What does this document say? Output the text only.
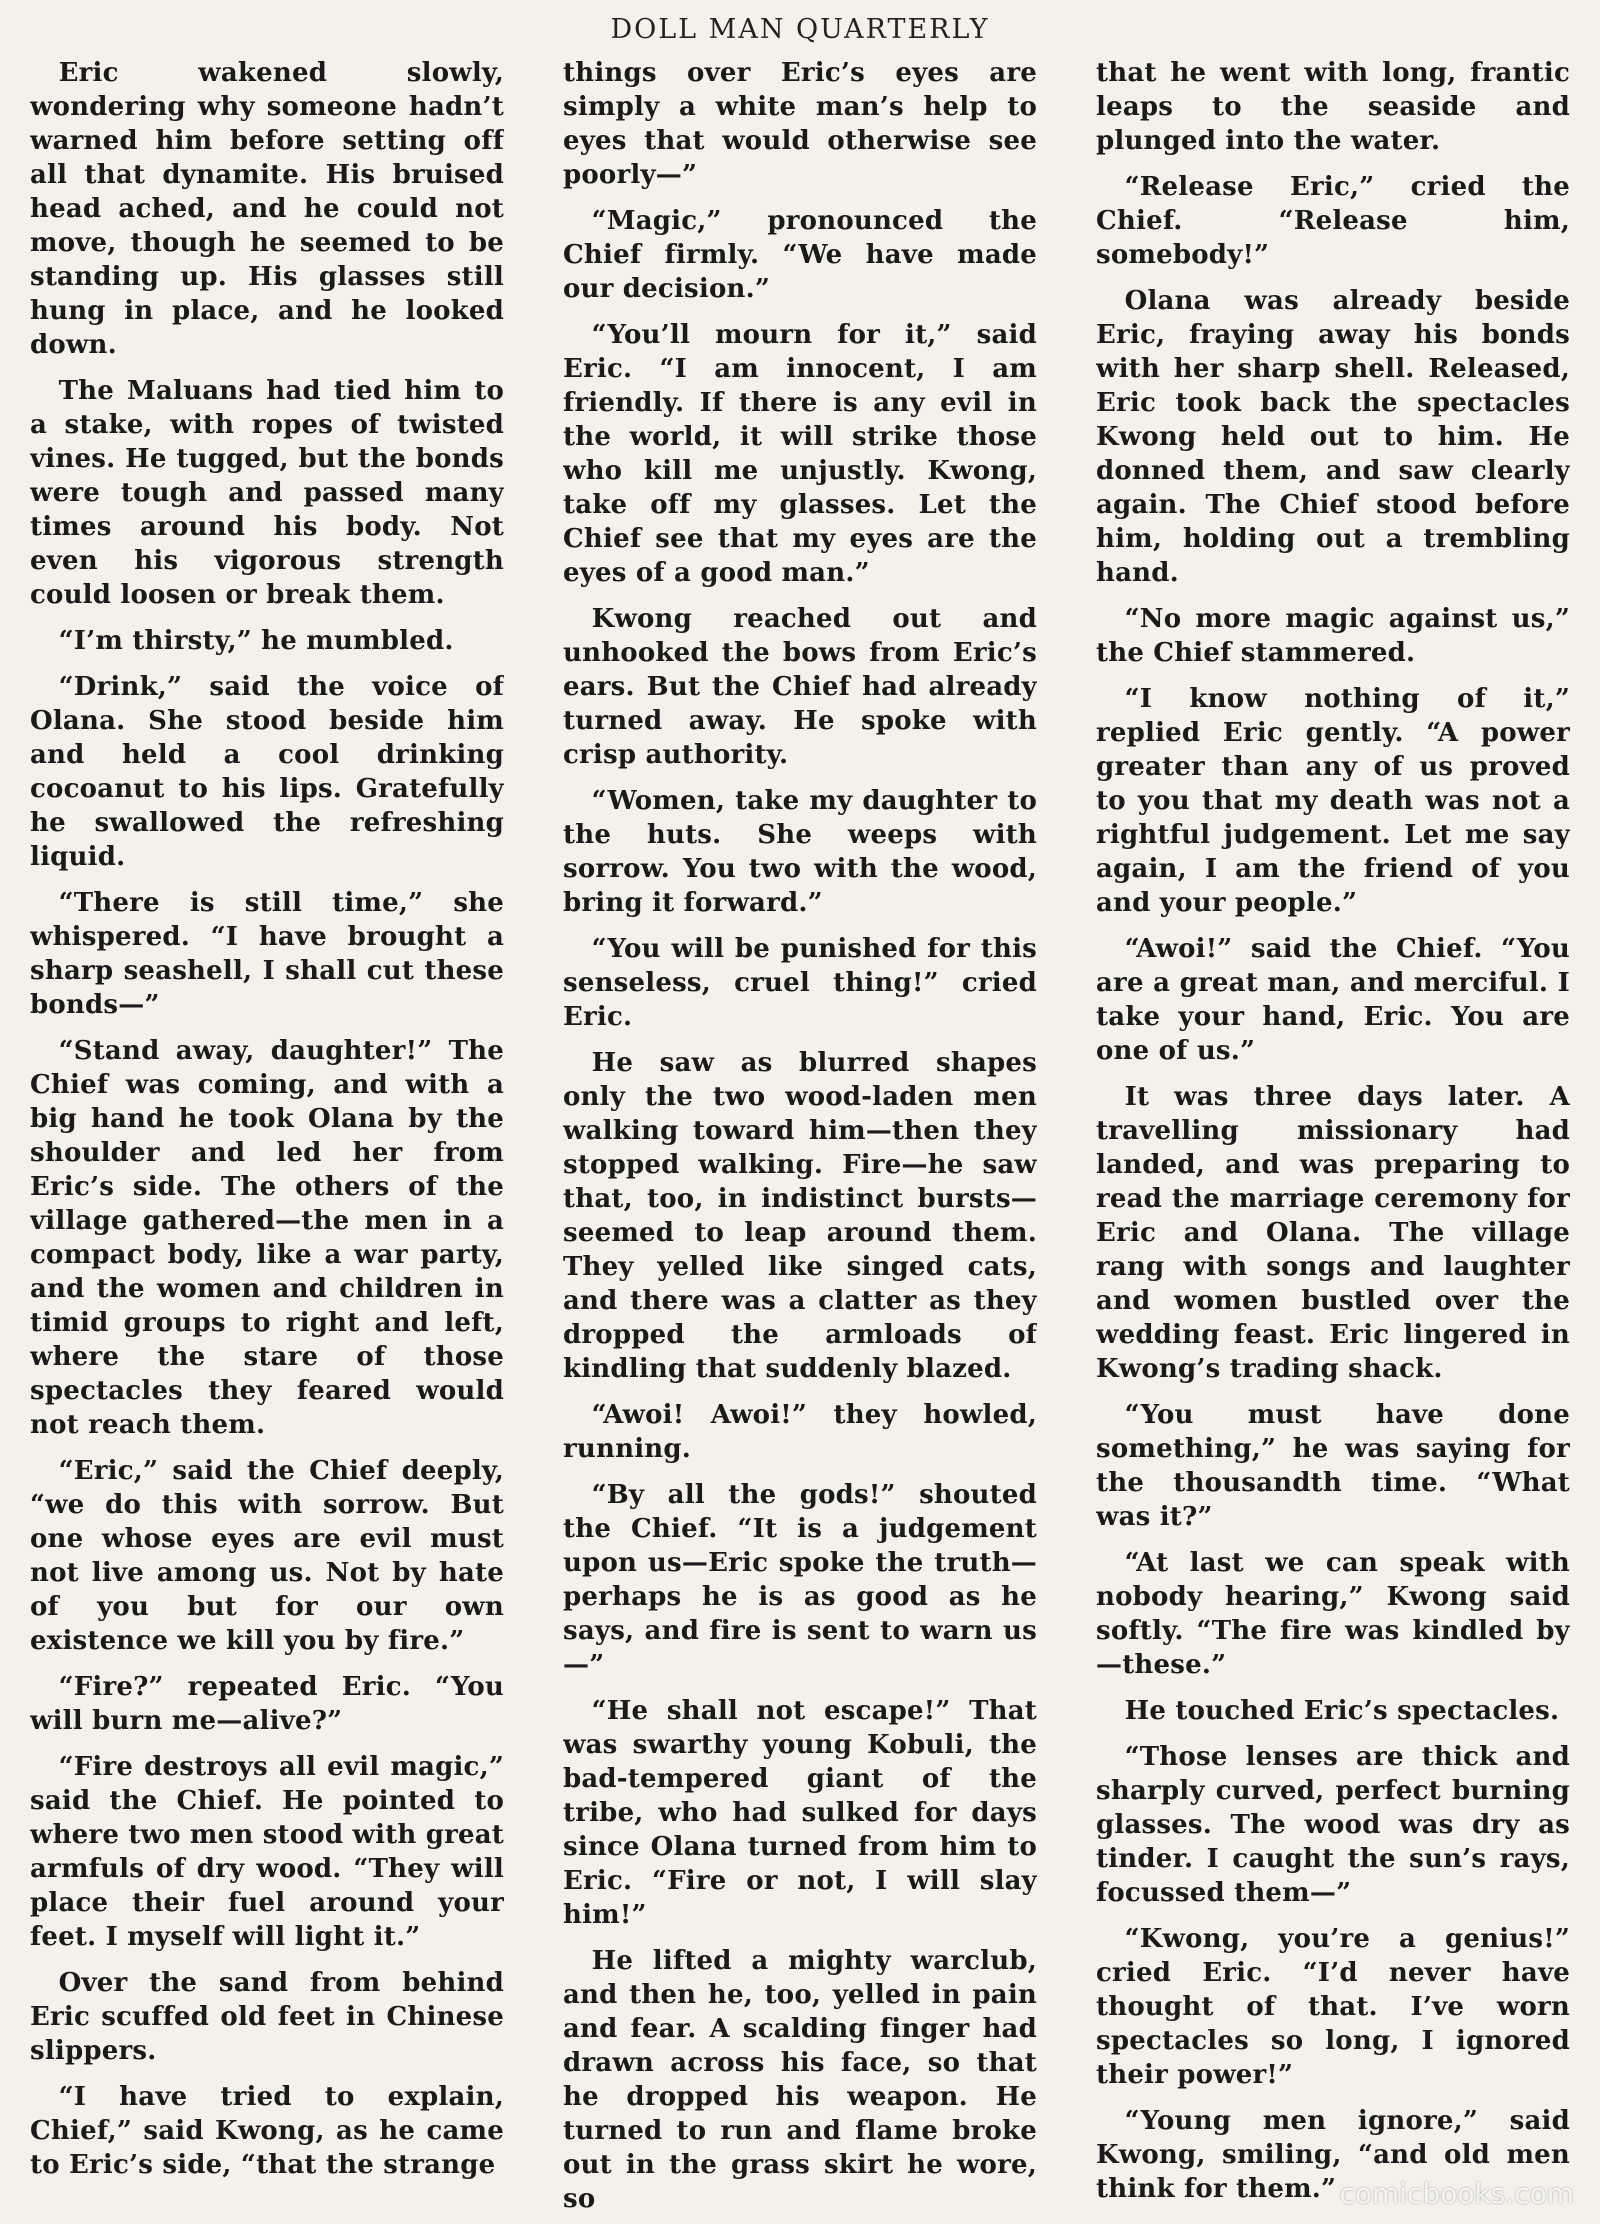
DOLL MAN QUARTERLY

Eric wakened slowly, wondering why someone hadn’t warned him before setting off all that dynamite. His bruised head ached, and he could not move, though he seemed to be standing up. His glasses still hung in place, and he looked down.

The Maluans had tied him to a stake, with ropes of twisted vines. He tugged, but the bonds were tough and passed many times around his body. Not even his vigorous strength could loosen or break them.

“I’m thirsty,” he mumbled.

“Drink,” said the voice of Olana. She stood beside him and held a cool drinking cocoanut to his lips. Gratefully he swallowed the refreshing liquid.

“There is still time,” she whispered. “I have brought a sharp seashell, I shall cut these bonds—”

“Stand away, daughter!” The Chief was coming, and with a big hand he took Olana by the shoulder and led her from Eric’s side. The others of the village gathered—the men in a compact body, like a war party, and the women and children in timid groups to right and left, where the stare of those spectacles they feared would not reach them.

“Eric,” said the Chief deeply, “we do this with sorrow. But one whose eyes are evil must not live among us. Not by hate of you but for our own existence we kill you by fire.”

“Fire?” repeated Eric. “You will burn me—alive?”

“Fire destroys all evil magic,” said the Chief. He pointed to where two men stood with great armfuls of dry wood. “They will place their fuel around your feet. I myself will light it.”

Over the sand from behind Eric scuffed old feet in Chinese slippers.

“I have tried to explain, Chief,” said Kwong, as he came to Eric’s side, “that the strange

things over Eric’s eyes are simply a white man’s help to eyes that would otherwise see poorly—”

“Magic,” pronounced the Chief firmly. “We have made our decision.”

“You’ll mourn for it,” said Eric. “I am innocent, I am friendly. If there is any evil in the world, it will strike those who kill me unjustly. Kwong, take off my glasses. Let the Chief see that my eyes are the eyes of a good man.”

Kwong reached out and unhooked the bows from Eric’s ears. But the Chief had already turned away. He spoke with crisp authority.

“Women, take my daughter to the huts. She weeps with sorrow. You two with the wood, bring it forward.”

“You will be punished for this senseless, cruel thing!” cried Eric.

He saw as blurred shapes only the two wood-laden men walking toward him—then they stopped walking. Fire—he saw that, too, in indistinct bursts—seemed to leap around them. They yelled like singed cats, and there was a clatter as they dropped the armloads of kindling that suddenly blazed.

“Awoi! Awoi!” they howled, running.

“By all the gods!” shouted the Chief. “It is a judgement upon us—Eric spoke the truth—perhaps he is as good as he says, and fire is sent to warn us—”

“He shall not escape!” That was swarthy young Kobuli, the bad-tempered giant of the tribe, who had sulked for days since Olana turned from him to Eric. “Fire or not, I will slay him!”

He lifted a mighty warclub, and then he, too, yelled in pain and fear. A scalding finger had drawn across his face, so that he dropped his weapon. He turned to run and flame broke out in the grass skirt he wore, so

that he went with long, frantic leaps to the seaside and plunged into the water.

“Release Eric,” cried the Chief. “Release him, somebody!”

Olana was already beside Eric, fraying away his bonds with her sharp shell. Released, Eric took back the spectacles Kwong held out to him. He donned them, and saw clearly again. The Chief stood before him, holding out a trembling hand.

“No more magic against us,” the Chief stammered.

“I know nothing of it,” replied Eric gently. “A power greater than any of us proved to you that my death was not a rightful judgement. Let me say again, I am the friend of you and your people.”

“Awoi!” said the Chief. “You are a great man, and merciful. I take your hand, Eric. You are one of us.”

It was three days later. A travelling missionary had landed, and was preparing to read the marriage ceremony for Eric and Olana. The village rang with songs and laughter and women bustled over the wedding feast. Eric lingered in Kwong’s trading shack.

“You must have done something,” he was saying for the thousandth time. “What was it?”

“At last we can speak with nobody hearing,” Kwong said softly. “The fire was kindled by—these.”

He touched Eric’s spectacles.

“Those lenses are thick and sharply curved, perfect burning glasses. The wood was dry as tinder. I caught the sun’s rays, focussed them—”

“Kwong, you’re a genius!” cried Eric. “I’d never have thought of that. I’ve worn spectacles so long, I ignored their power!”

“Young men ignore,” said Kwong, smiling, “and old men think for them.” comicbooks.com
